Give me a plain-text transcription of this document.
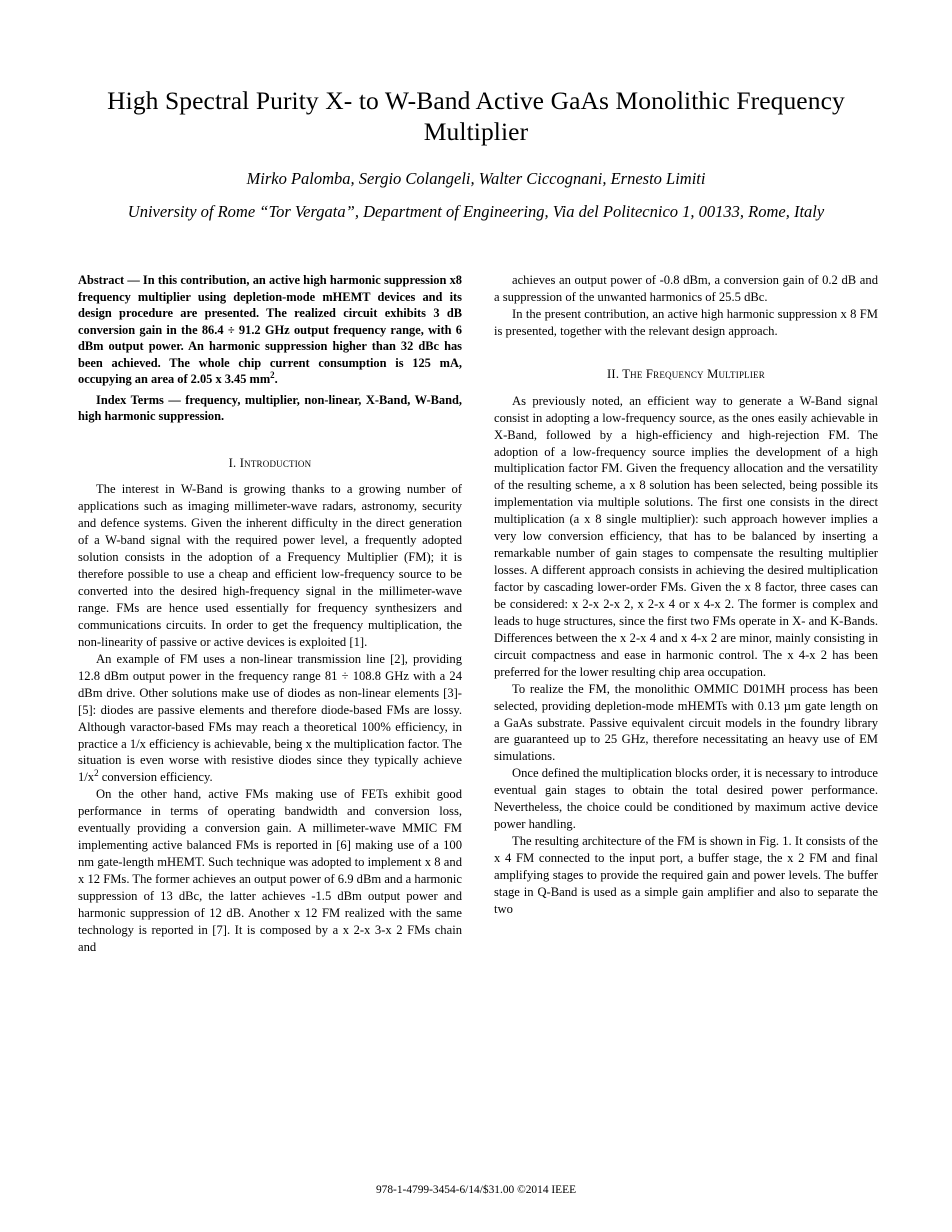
High Spectral Purity X- to W-Band Active GaAs Monolithic Frequency Multiplier
Mirko Palomba, Sergio Colangeli, Walter Ciccognani, Ernesto Limiti
University of Rome “Tor Vergata”, Department of Engineering, Via del Politecnico 1, 00133, Rome, Italy

Abstract — In this contribution, an active high harmonic suppression x8 frequency multiplier using depletion-mode mHEMT devices and its design procedure are presented. The realized circuit exhibits 3 dB conversion gain in the 86.4 ÷ 91.2 GHz output frequency range, with 6 dBm output power. An harmonic suppression higher than 32 dBc has been achieved. The whole chip current consumption is 125 mA, occupying an area of 2.05 x 3.45 $mm^2$.

Index Terms — frequency, multiplier, non-linear, X-Band, W-Band, high harmonic suppression.

I. Introduction

The interest in W-Band is growing thanks to a growing number of applications such as imaging millimeter-wave radars, astronomy, security and defence systems. Given the inherent difficulty in the direct generation of a W-band signal with the required power level, a frequently adopted solution consists in the adoption of a Frequency Multiplier (FM); it is therefore possible to use a cheap and efficient low-frequency source to be converted into the desired high-frequency signal in the millimeter-wave range. FMs are hence used essentially for frequency synthesizers and communications circuits. In order to get the frequency multiplication, the non-linearity of passive or active devices is exploited [1].

An example of FM uses a non-linear transmission line [2], providing 12.8 dBm output power in the frequency range 81 ÷ 108.8 GHz with a 24 dBm drive. Other solutions make use of diodes as non-linear elements [3]-[5]: diodes are passive elements and therefore diode-based FMs are lossy. Although varactor-based FMs may reach a theoretical 100% efficiency, in practice a 1/x efficiency is achievable, being x the multiplication factor. The situation is even worse with resistive diodes since they typically achieve $1/x^2$ conversion efficiency.

On the other hand, active FMs making use of FETs exhibit good performance in terms of operating bandwidth and conversion loss, eventually providing a conversion gain. A millimeter-wave MMIC FM implementing active balanced FMs is reported in [6] making use of a 100 nm gate-length mHEMT. Such technique was adopted to implement x 8 and x 12 FMs. The former achieves an output power of 6.9 dBm and a harmonic suppression of 13 dBc, the latter achieves -1.5 dBm output power and harmonic suppression of 12 dB. Another x 12 FM realized with the same technology is reported in [7]. It is composed by a x 2-x 3-x 2 FMs chain and

achieves an output power of -0.8 dBm, a conversion gain of 0.2 dB and a suppression of the unwanted harmonics of 25.5 dBc.

In the present contribution, an active high harmonic suppression x 8 FM is presented, together with the relevant design approach.

II. The Frequency Multiplier

As previously noted, an efficient way to generate a W-Band signal consist in adopting a low-frequency source, as the ones easily achievable in X-Band, followed by a high-efficiency and high-rejection FM. The adoption of a low-frequency source implies the development of a high multiplication factor FM. Given the frequency allocation and the versatility of the resulting scheme, a x 8 solution has been selected, being possible its implementation via multiple solutions. The first one consists in the direct multiplication (a x 8 single multiplier): such approach however implies a very low conversion efficiency, that has to be balanced by inserting a remarkable number of gain stages to compensate the resulting multiplier losses. A different approach consists in achieving the desired multiplication factor by cascading lower-order FMs. Given the x 8 factor, three cases can be considered: x 2-x 2-x 2, x 2-x 4 or x 4-x 2. The former is complex and leads to huge structures, since the first two FMs operate in X- and K-Bands. Differences between the x 2-x 4 and x 4-x 2 are minor, mainly consisting in circuit compactness and ease in harmonic control. The x 4-x 2 has been preferred for the lower resulting chip area occupation.

To realize the FM, the monolithic OMMIC D01MH process has been selected, providing depletion-mode mHEMTs with 0.13 µm gate length on a GaAs substrate. Passive equivalent circuit models in the foundry library are guaranteed up to 25 GHz, therefore necessitating an heavy use of EM simulations.

Once defined the multiplication blocks order, it is necessary to introduce eventual gain stages to obtain the total desired power performance. Nevertheless, the choice could be conditioned by maximum active device power handling.

The resulting architecture of the FM is shown in Fig. 1. It consists of the x 4 FM connected to the input port, a buffer stage, the x 2 FM and final amplifying stages to provide the required gain and power levels. The buffer stage in Q-Band is used as a simple gain amplifier and also to separate the two

978-1-4799-3454-6/14/$31.00 ©2014 IEEE
